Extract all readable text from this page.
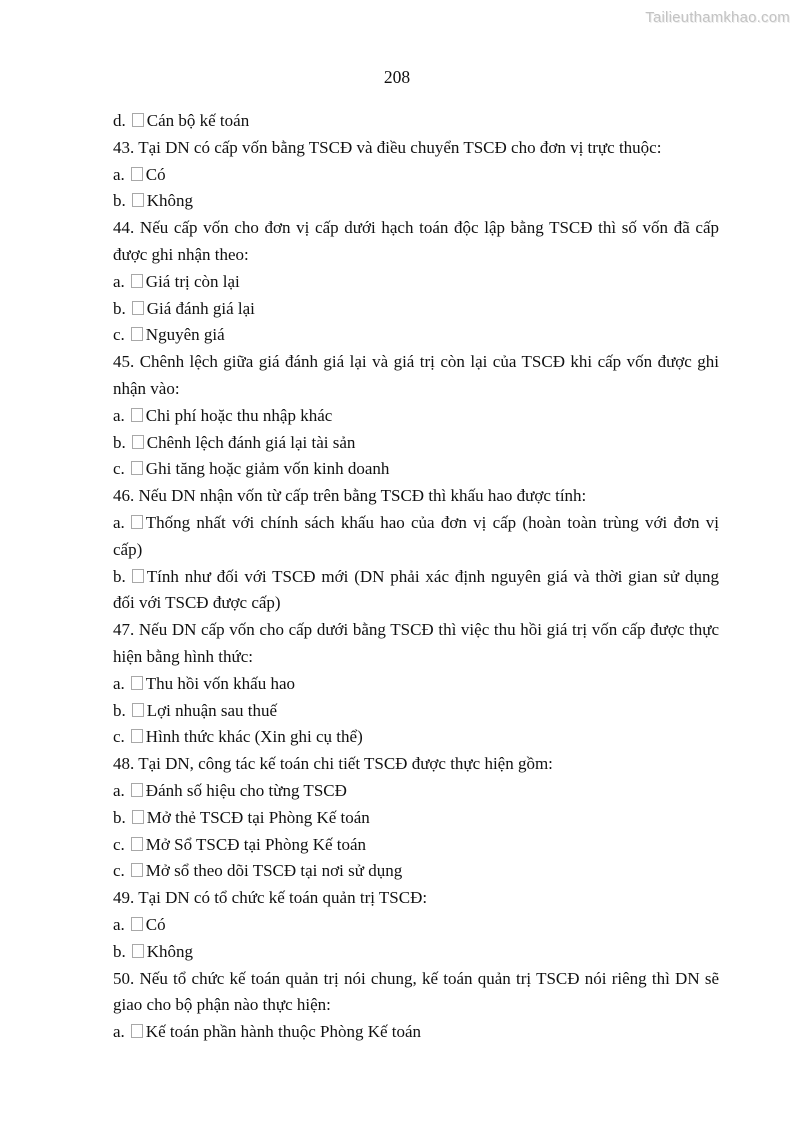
Tailieuthamkhao.com
208
d. Cán bộ kế toán
43. Tại DN có cấp vốn bằng TSCĐ và điều chuyển TSCĐ cho đơn vị trực thuộc:
a. Có
b. Không
44. Nếu cấp vốn cho đơn vị cấp dưới hạch toán độc lập bằng TSCĐ thì số vốn đã cấp được ghi nhận theo:
a. Giá trị còn lại
b. Giá đánh giá lại
c. Nguyên giá
45. Chênh lệch giữa giá đánh giá lại và giá trị còn lại của TSCĐ khi cấp vốn được ghi nhận vào:
a. Chi phí hoặc thu nhập khác
b. Chênh lệch đánh giá lại tài sản
c. Ghi tăng hoặc giảm vốn kinh doanh
46. Nếu DN nhận vốn từ cấp trên bằng TSCĐ thì khấu hao được tính:
a. Thống nhất với chính sách khấu hao của đơn vị cấp (hoàn toàn trùng với đơn vị cấp)
b. Tính như đối với TSCĐ mới (DN phải xác định nguyên giá và thời gian sử dụng đối với TSCĐ được cấp)
47. Nếu DN cấp vốn cho cấp dưới bằng TSCĐ thì việc thu hồi giá trị vốn cấp được thực hiện bằng hình thức:
a. Thu hồi vốn khấu hao
b. Lợi nhuận sau thuế
c. Hình thức khác (Xin ghi cụ thể)
48. Tại DN, công tác kế toán chi tiết TSCĐ được thực hiện gồm:
a. Đánh số hiệu cho từng TSCĐ
b. Mở thẻ TSCĐ tại Phòng Kế toán
c. Mở Sổ TSCĐ tại Phòng Kế toán
c. Mở sổ theo dõi TSCĐ tại nơi sử dụng
49. Tại DN có tổ chức kế toán quản trị TSCĐ:
a. Có
b. Không
50. Nếu tổ chức kế toán quản trị nói chung, kế toán quản trị TSCĐ nói riêng thì DN sẽ giao cho bộ phận nào thực hiện:
a. Kế toán phần hành thuộc Phòng Kế toán
